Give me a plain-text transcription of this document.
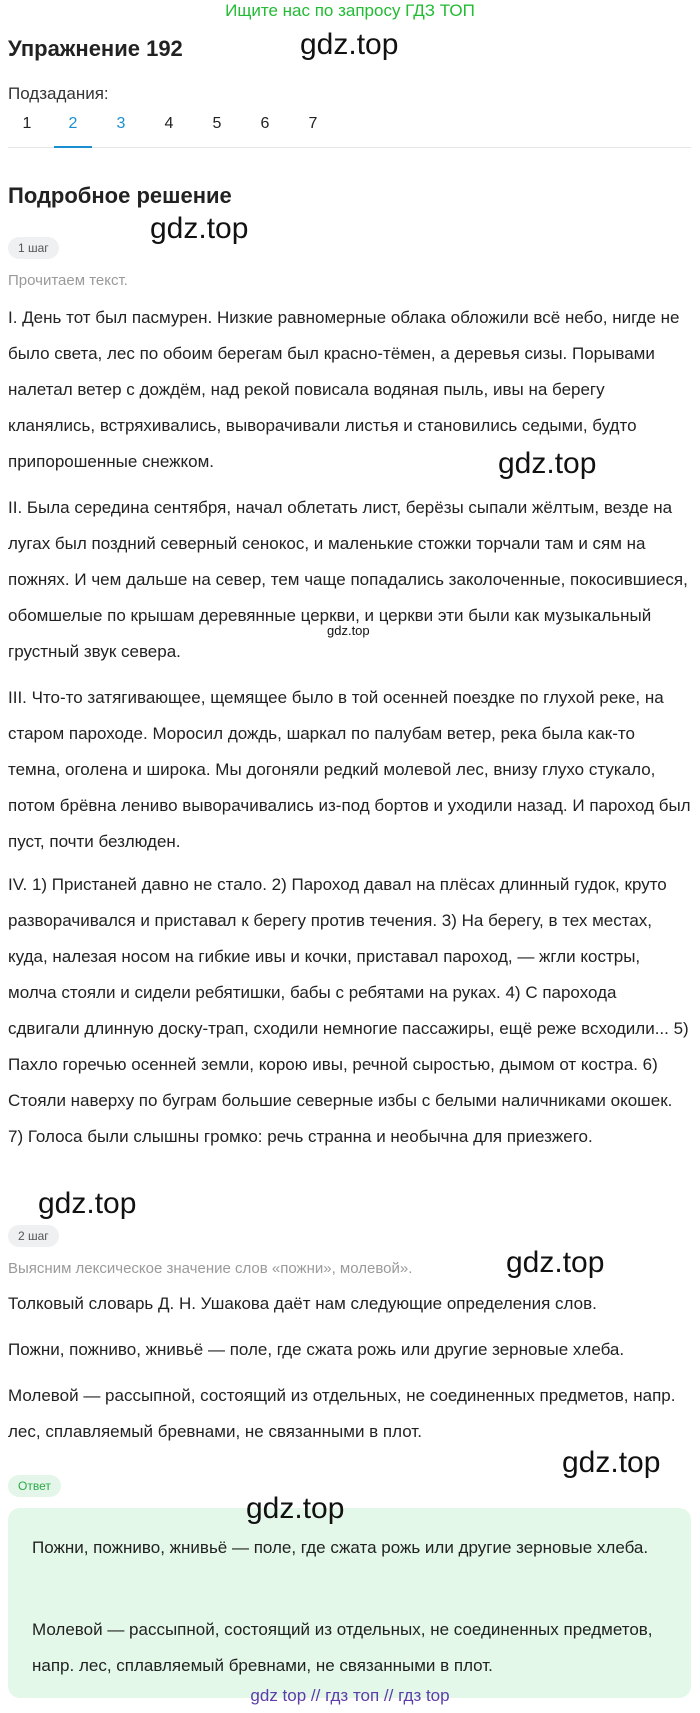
Ищите нас по запросу ГДЗ ТОП
Упражнение 192	gdz.top
Подзадания:
1	2	3	4	5	6	7
Подробное решение
1 шаг
gdz.top
Прочитаем текст.
I. День тот был пасмурен. Низкие равномерные облака обложили всё небо, нигде не было света, лес по обоим берегам был красно-тёмен, а деревья сизы. Порывами налетал ветер с дождём, над рекой повисала водяная пыль, ивы на берегу кланялись, встряхивались, выворачивали листья и становились седыми, будто припорошенные снежком.	gdz.top
II. Была середина сентября, начал облетать лист, берёзы сыпали жёлтым, везде на лугах был поздний северный сенокос, и маленькие стожки торчали там и сям на пожнях. И чем дальше на север, тем чаще попадались заколоченные, покосившиеся, обомшелые по крышам деревянные церкви, и церкви эти были как музыкальный грустный звук севера.
gdz.top
III. Что-то затягивающее, щемящее было в той осенней поездке по глухой реке, на старом пароходе. Моросил дождь, шаркал по палубам ветер, река была как-то темна, оголена и широка. Мы догоняли редкий молевой лес, внизу глухо стукало, потом брёвна лениво выворачивались из-под бортов и уходили назад. И пароход был пуст, почти безлюден.
IV. 1) Пристаней давно не стало. 2) Пароход давал на плёсах длинный гудок, круто разворачивался и приставал к берегу против течения. 3) На берегу, в тех местах, куда, налезая носом на гибкие ивы и кочки, приставал пароход, — жгли костры, молча стояли и сидели ребятишки, бабы с ребятами на руках. 4) С парохода сдвигали длинную доску-трап, сходили немногие пассажиры, ещё реже всходили... 5) Пахло горечью осенней земли, корою ивы, речной сыростью, дымом от костра. 6) Стояли наверху по буграм большие северные избы с белыми наличниками окошек. 7) Голоса были слышны громко: речь странна и необычна для приезжего.
gdz.top
2 шаг
Выясним лексическое значение слов «пожни», молевой».	gdz.top
Толковый словарь Д. Н. Ушакова даёт нам следующие определения слов.
Пожни, пожниво, жнивьё — поле, где сжата рожь или другие зерновые хлеба.
Молевой — рассыпной, состоящий из отдельных, не соединенных предметов, напр. лес, сплавляемый бревнами, не связанными в плот.
gdz.top
Ответ
gdz.top
Пожни, пожниво, жнивьё — поле, где сжата рожь или другие зерновые хлеба.
Молевой — рассыпной, состоящий из отдельных, не соединенных предметов, напр. лес, сплавляемый бревнами, не связанными в плот.
gdz top // гдз топ // гдз top
